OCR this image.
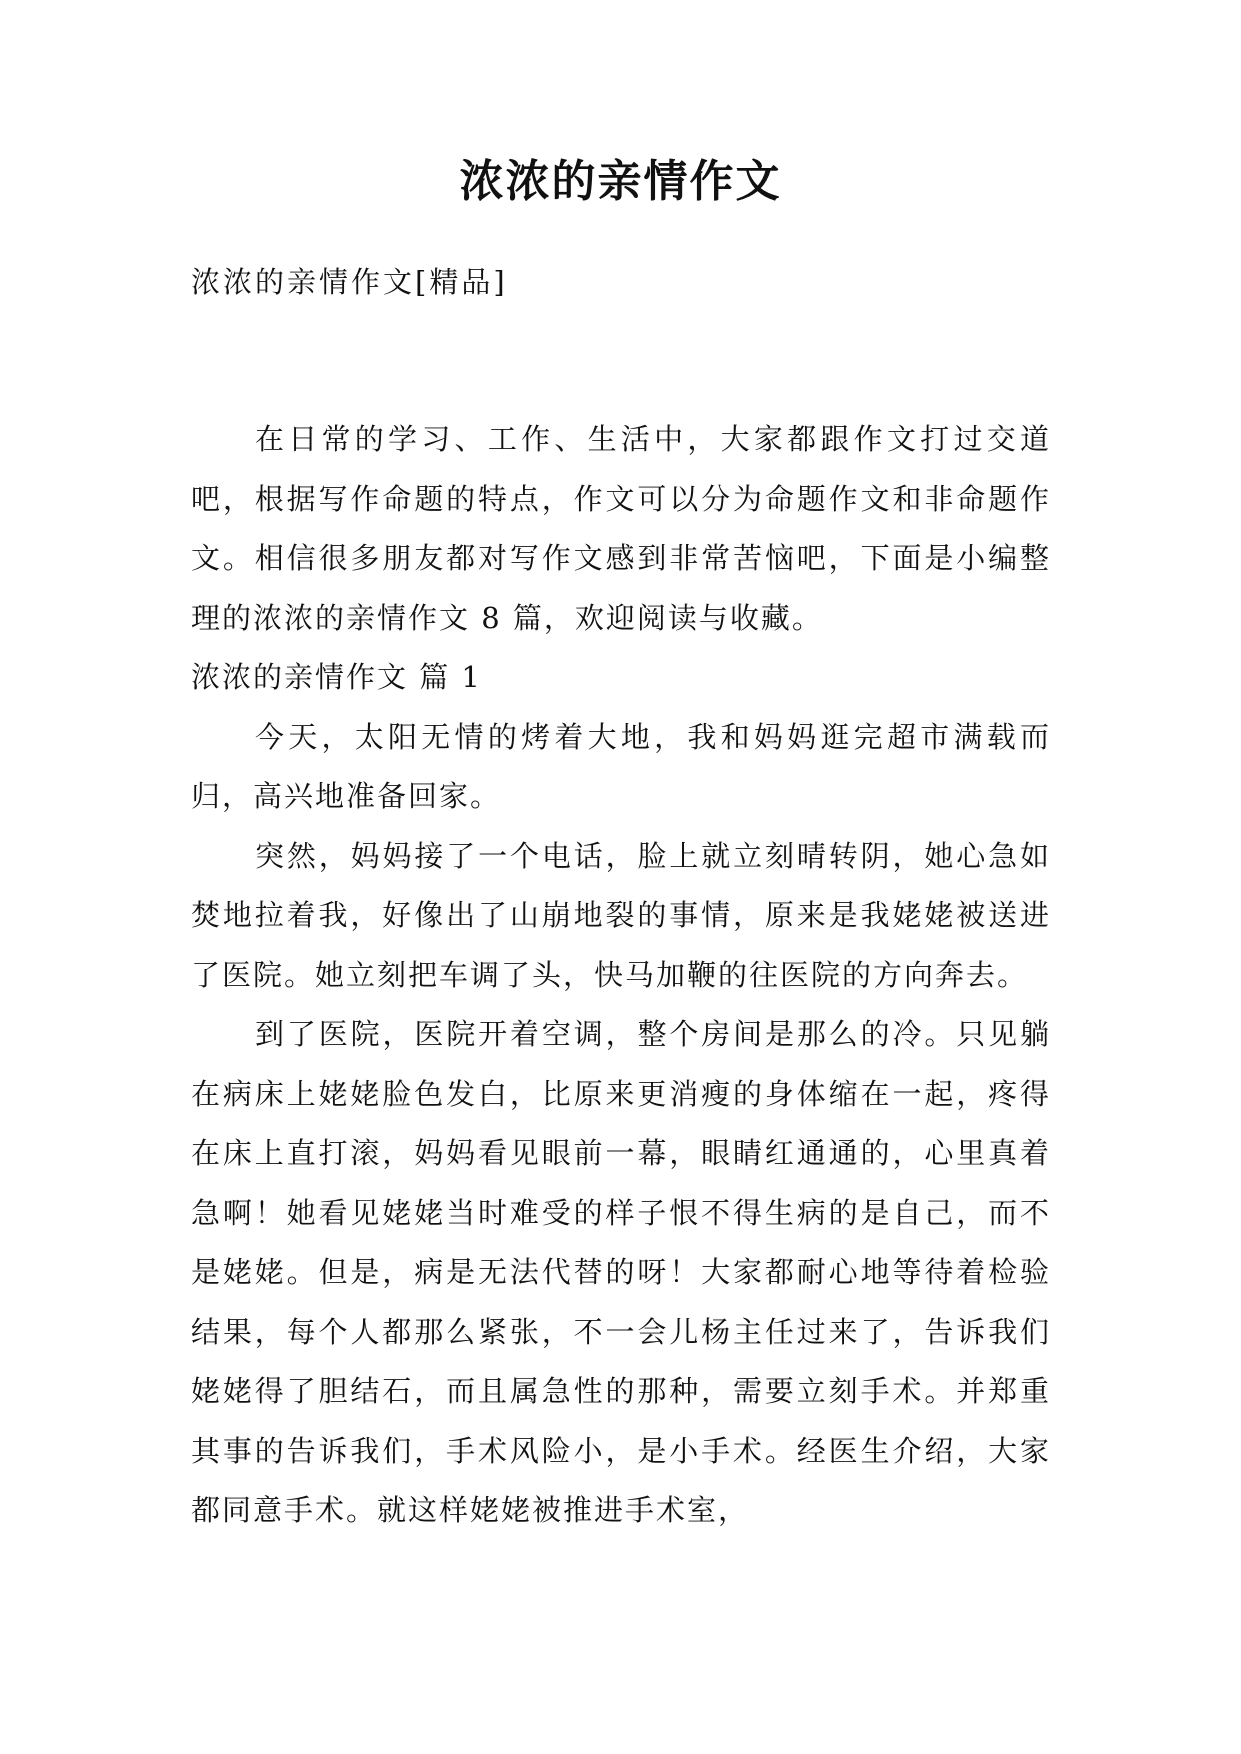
浓浓的亲情作文
浓浓的亲情作文[精品]

在日常的学习、工作、生活中，大家都跟作文打过交道吧，根据写作命题的特点，作文可以分为命题作文和非命题作文。相信很多朋友都对写作文感到非常苦恼吧，下面是小编整理的浓浓的亲情作文 8 篇，欢迎阅读与收藏。

浓浓的亲情作文 篇 1

今天，太阳无情的烤着大地，我和妈妈逛完超市满载而归，高兴地准备回家。

突然，妈妈接了一个电话，脸上就立刻晴转阴，她心急如焚地拉着我，好像出了山崩地裂的事情，原来是我姥姥被送进了医院。她立刻把车调了头，快马加鞭的往医院的方向奔去。

到了医院，医院开着空调，整个房间是那么的冷。只见躺在病床上姥姥脸色发白，比原来更消瘦的身体缩在一起，疼得在床上直打滚，妈妈看见眼前一幕，眼睛红通通的，心里真着急啊！她看见姥姥当时难受的样子恨不得生病的是自己，而不是姥姥。但是，病是无法代替的呀！大家都耐心地等待着检验结果，每个人都那么紧张，不一会儿杨主任过来了，告诉我们姥姥得了胆结石，而且属急性的那种，需要立刻手术。并郑重其事的告诉我们，手术风险小，是小手术。经医生介绍，大家都同意手术。就这样姥姥被推进手术室，
